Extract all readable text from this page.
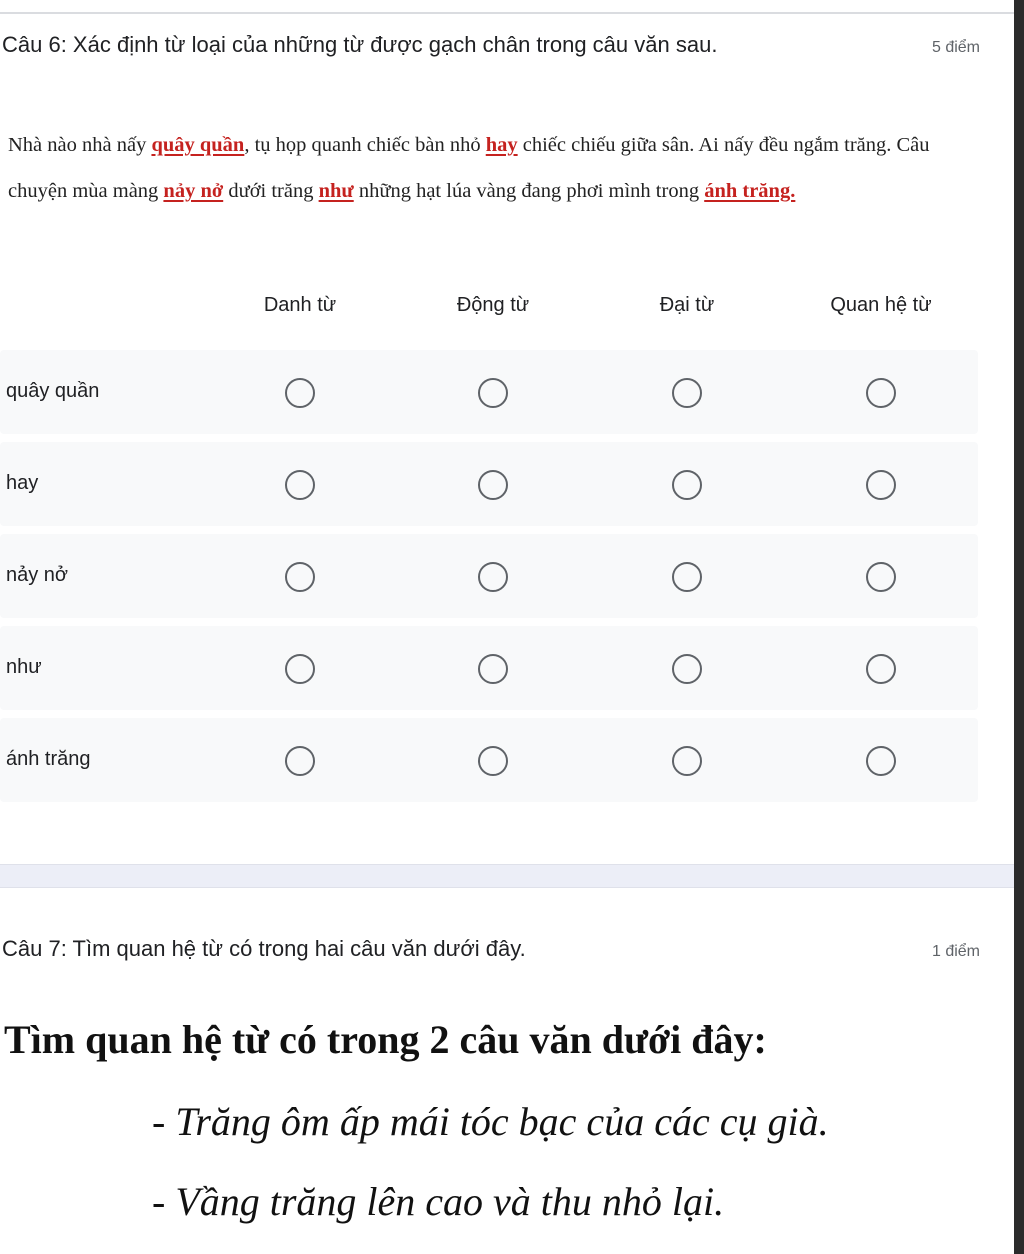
Câu 6: Xác định từ loại của những từ được gạch chân trong câu văn sau.	5 điểm
Nhà nào nhà nấy quây quần, tụ họp quanh chiếc bàn nhỏ hay chiếc chiếu giữa sân. Ai nấy đều ngắm trăng. Câu chuyện mùa màng nảy nở dưới trăng như những hạt lúa vàng đang phơi mình trong ánh trăng.
Danh từ	Động từ	Đại từ	Quan hệ từ
quây quần
hay
nảy nở
như
ánh trăng
Câu 7: Tìm quan hệ từ có trong hai câu văn dưới đây.	1 điểm
Tìm quan hệ từ có trong 2 câu văn dưới đây:
- Trăng ôm ấp mái tóc bạc của các cụ già.
- Vầng trăng lên cao và thu nhỏ lại.
